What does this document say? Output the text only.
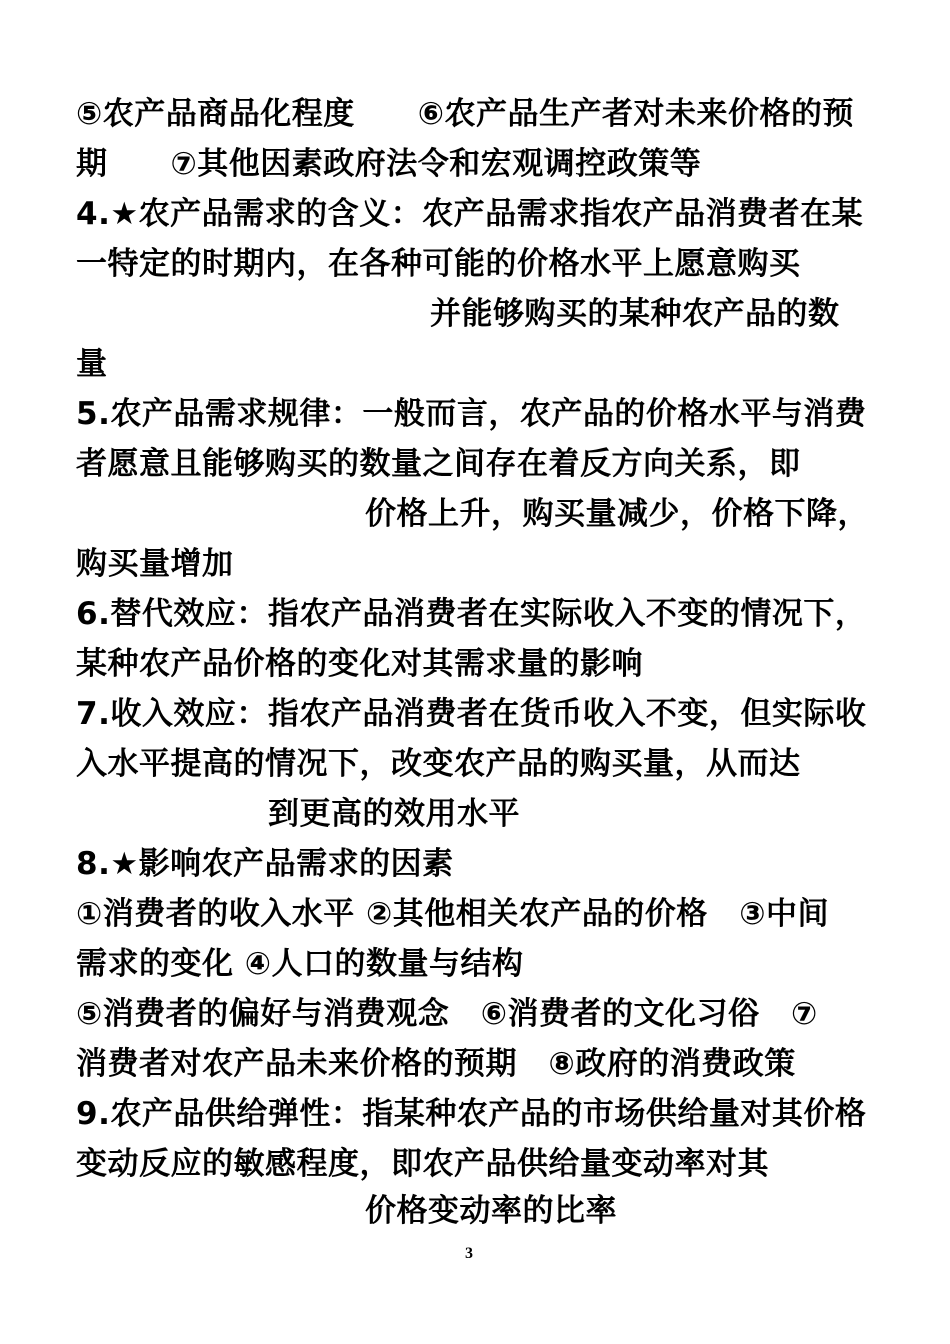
⑤农产品商品化程度　　⑥农产品生产者对未来价格的预
期　　⑦其他因素政府法令和宏观调控政策等
4.★农产品需求的含义：农产品需求指农产品消费者在某
一特定的时期内，在各种可能的价格水平上愿意购买
并能够购买的某种农产品的数
量
5.农产品需求规律：一般而言，农产品的价格水平与消费
者愿意且能够购买的数量之间存在着反方向关系，即
价格上升，购买量减少，价格下降，
购买量增加
6.替代效应：指农产品消费者在实际收入不变的情况下，
某种农产品价格的变化对其需求量的影响
7.收入效应：指农产品消费者在货币收入不变，但实际收
入水平提高的情况下，改变农产品的购买量，从而达
到更高的效用水平
8.★影响农产品需求的因素
①消费者的收入水平 ②其他相关农产品的价格　③中间
需求的变化 ④人口的数量与结构
⑤消费者的偏好与消费观念　⑥消费者的文化习俗　⑦
消费者对农产品未来价格的预期　⑧政府的消费政策
9.农产品供给弹性：指某种农产品的市场供给量对其价格
变动反应的敏感程度，即农产品供给量变动率对其
价格变动率的比率
3
